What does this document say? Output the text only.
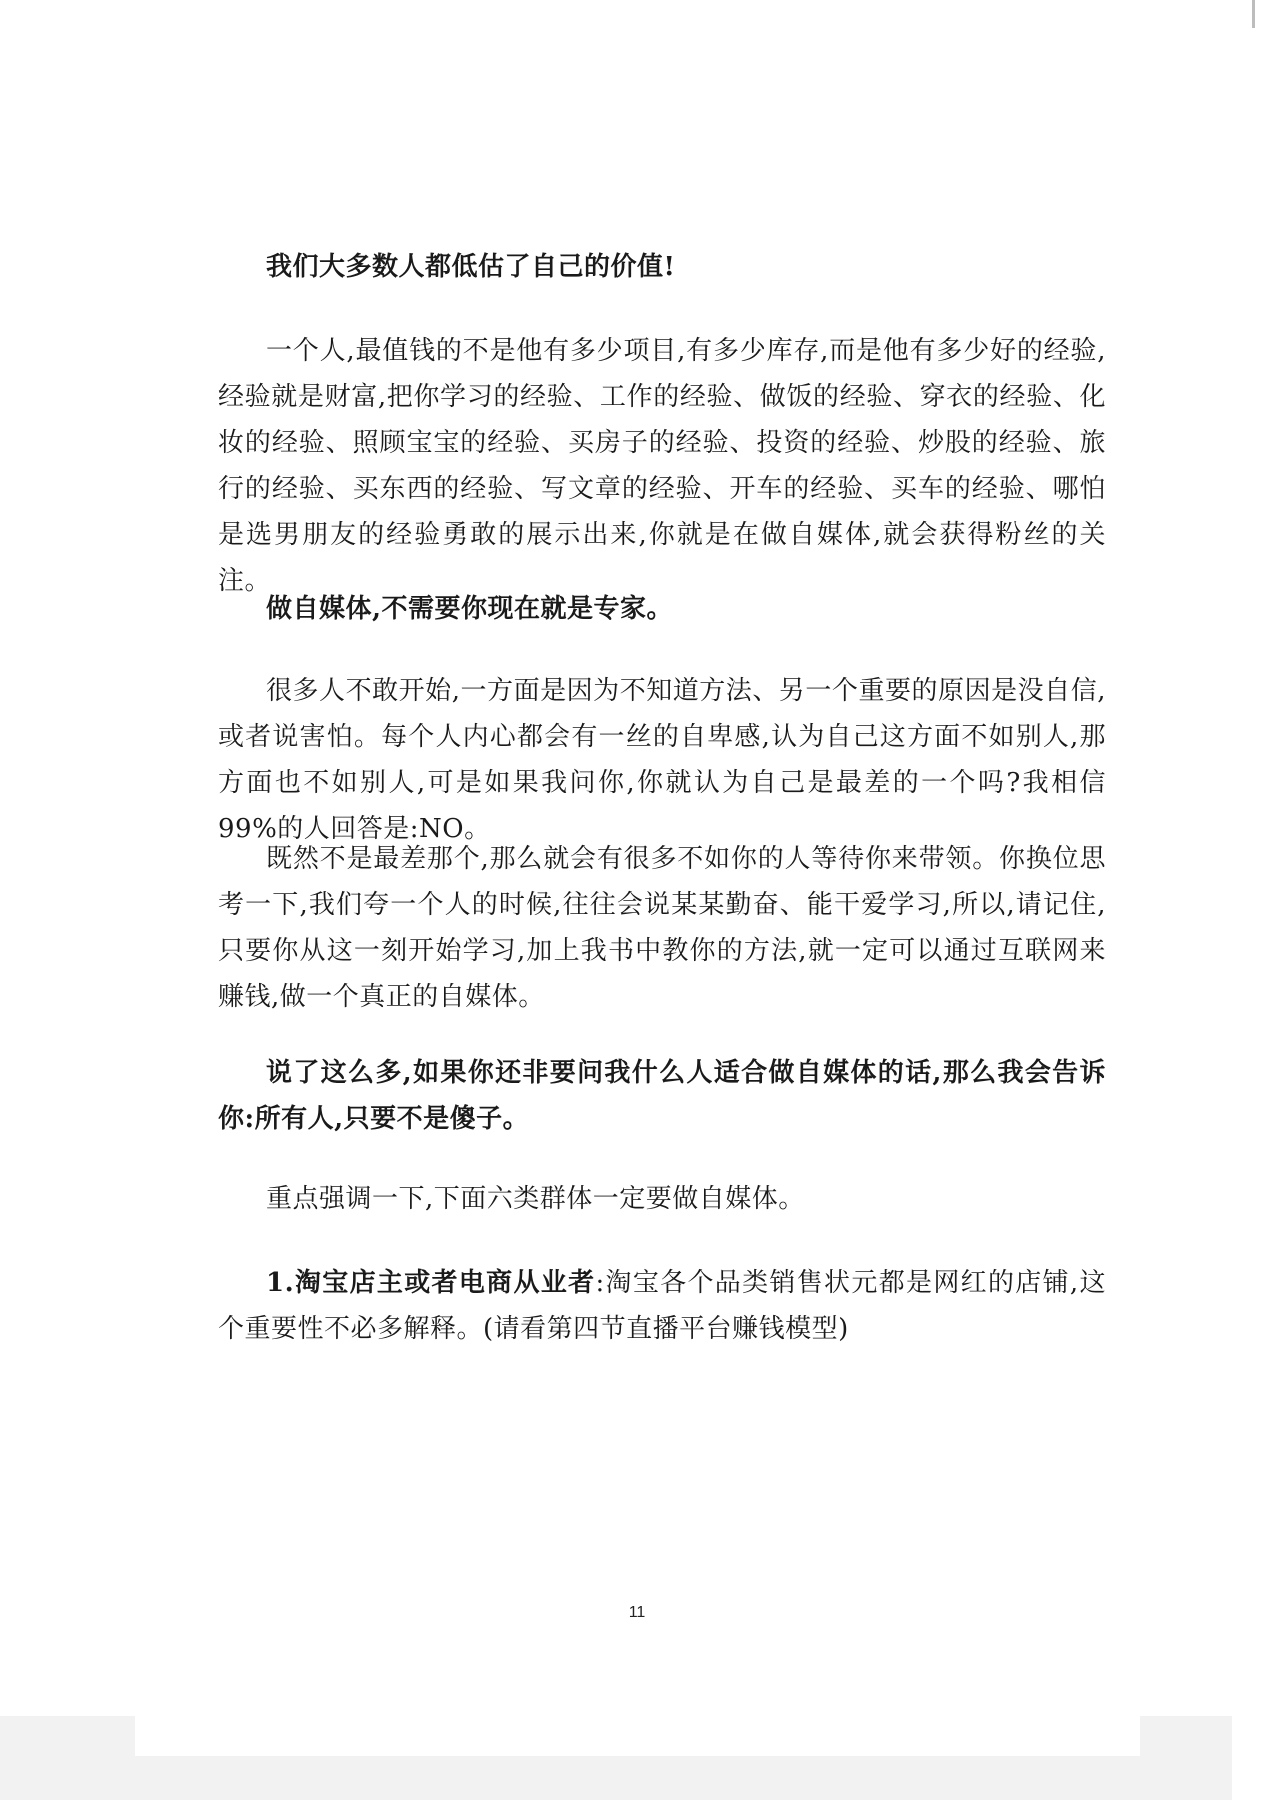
我们大多数人都低估了自己的价值!

一个人,最值钱的不是他有多少项目,有多少库存,而是他有多少好的经验,经验就是财富,把你学习的经验、工作的经验、做饭的经验、穿衣的经验、化妆的经验、照顾宝宝的经验、买房子的经验、投资的经验、炒股的经验、旅行的经验、买东西的经验、写文章的经验、开车的经验、买车的经验、哪怕是选男朋友的经验勇敢的展示出来,你就是在做自媒体,就会获得粉丝的关注。

做自媒体,不需要你现在就是专家。

很多人不敢开始,一方面是因为不知道方法、另一个重要的原因是没自信,或者说害怕。每个人内心都会有一丝的自卑感,认为自己这方面不如别人,那方面也不如别人,可是如果我问你,你就认为自己是最差的一个吗?我相信 99%的人回答是:NO。

既然不是最差那个,那么就会有很多不如你的人等待你来带领。你换位思考一下,我们夸一个人的时候,往往会说某某勤奋、能干爱学习,所以,请记住,只要你从这一刻开始学习,加上我书中教你的方法,就一定可以通过互联网来赚钱,做一个真正的自媒体。

说了这么多,如果你还非要问我什么人适合做自媒体的话,那么我会告诉你:所有人,只要不是傻子。

重点强调一下,下面六类群体一定要做自媒体。

1.淘宝店主或者电商从业者:淘宝各个品类销售状元都是网红的店铺,这个重要性不必多解释。(请看第四节直播平台赚钱模型)

11
